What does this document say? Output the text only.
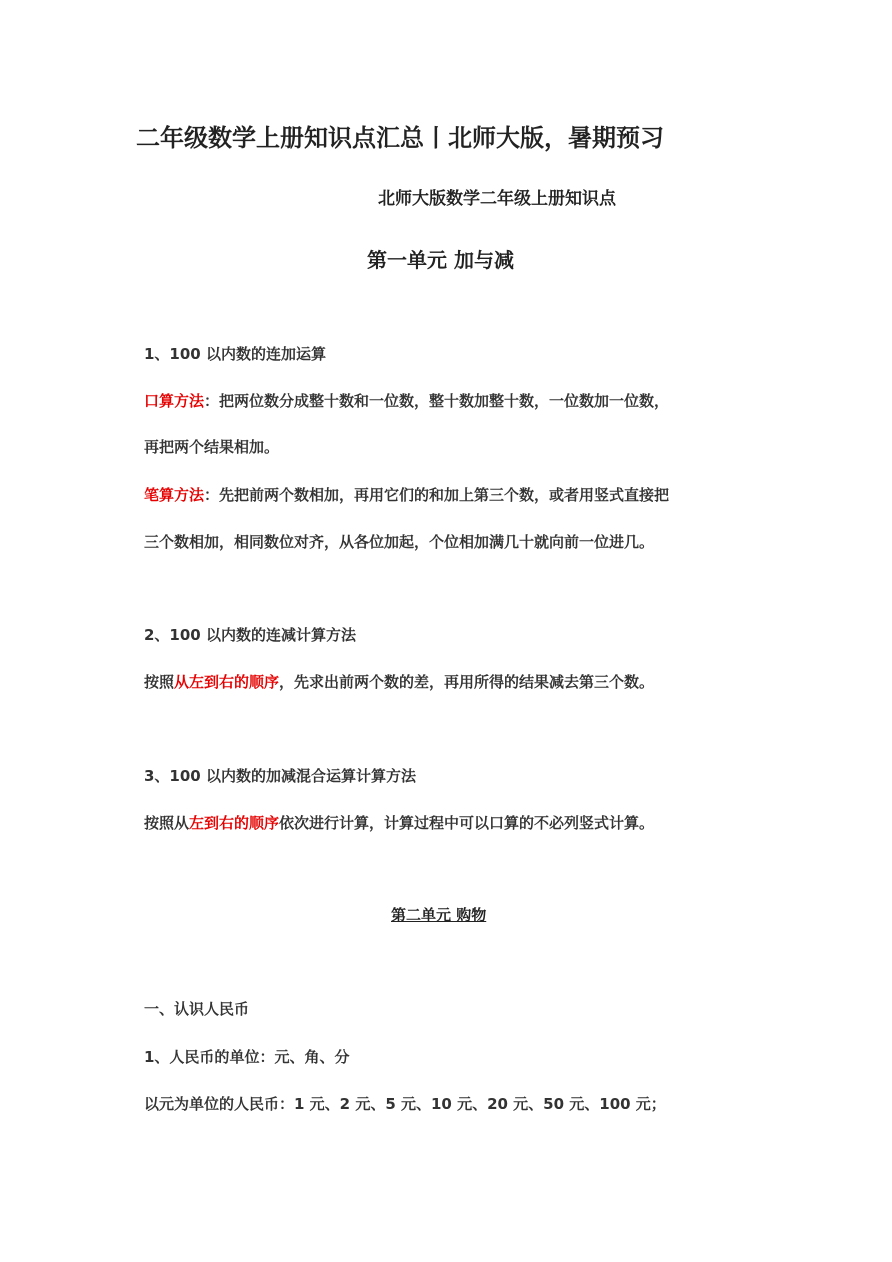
二年级数学上册知识点汇总丨北师大版，暑期预习
北师大版数学二年级上册知识点
第一单元 加与减
1、100 以内数的连加运算
口算方法：把两位数分成整十数和一位数，整十数加整十数，一位数加一位数，
再把两个结果相加。
笔算方法：先把前两个数相加，再用它们的和加上第三个数，或者用竖式直接把
三个数相加，相同数位对齐，从各位加起，个位相加满几十就向前一位进几。
2、100 以内数的连减计算方法
按照从左到右的顺序，先求出前两个数的差，再用所得的结果减去第三个数。
3、100 以内数的加减混合运算计算方法
按照从左到右的顺序依次进行计算，计算过程中可以口算的不必列竖式计算。
第二单元 购物
一、认识人民币
1、人民币的单位：元、角、分
以元为单位的人民币：1 元、2 元、5 元、10 元、20 元、50 元、100 元；
